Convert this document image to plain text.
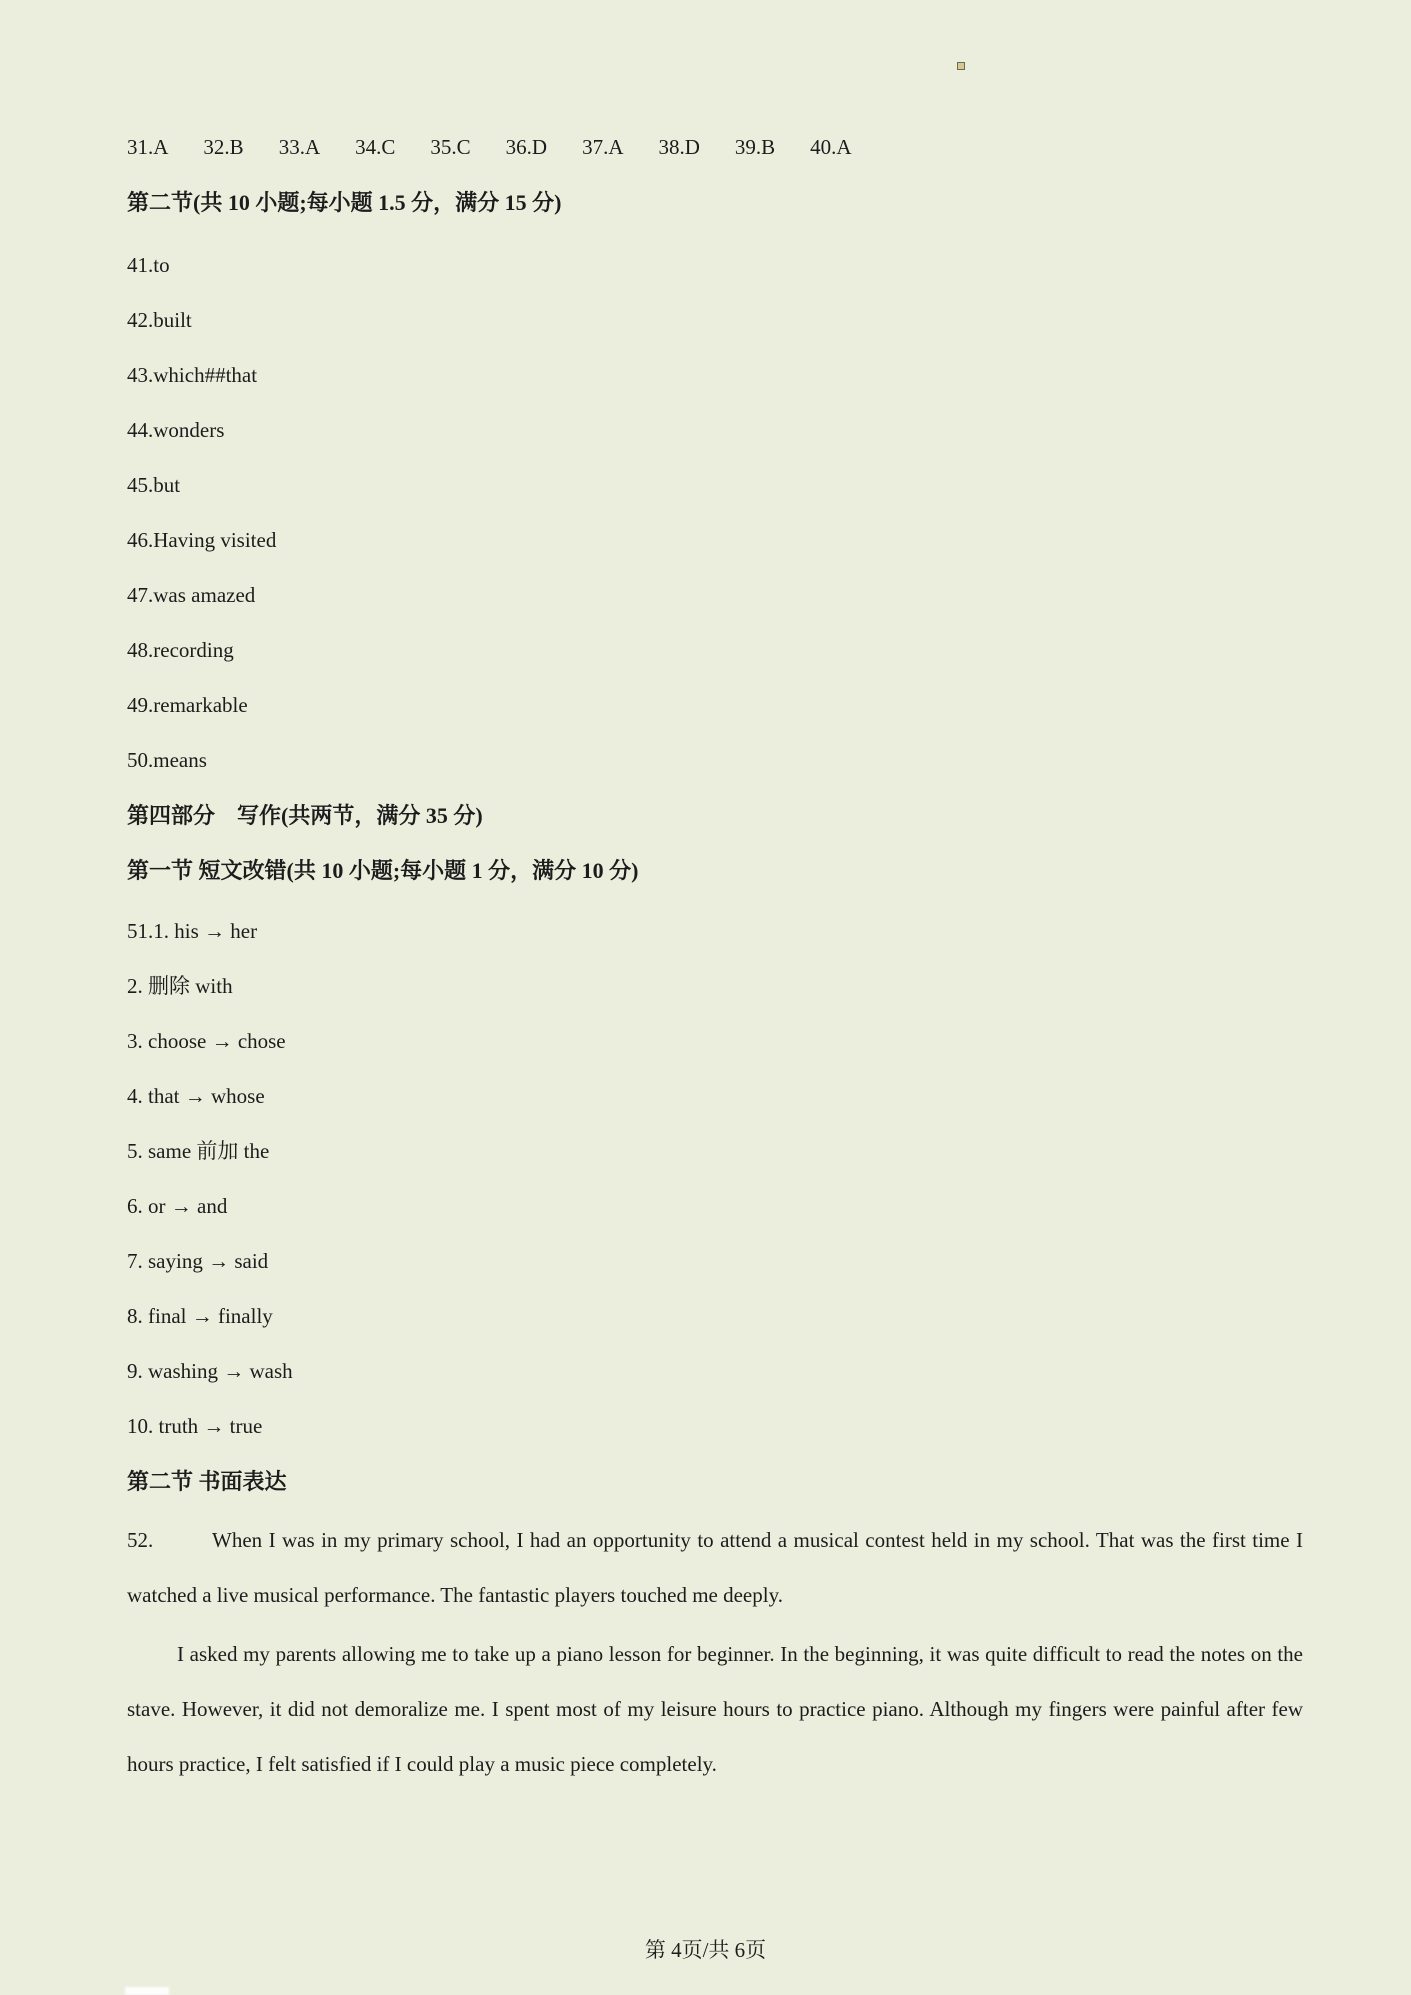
31.A 32.B 33.A 34.C 35.C 36.D 37.A 38.D 39.B 40.A
第二节(共 10 小题;每小题 1.5 分，满分 15 分)
41.to
42.built
43.which##that
44.wonders
45.but
46.Having visited
47.was amazed
48.recording
49.remarkable
50.means
第四部分　写作(共两节，满分 35 分)
第一节 短文改错(共 10 小题;每小题 1 分，满分 10 分)
51.1. his → her
2. 删除 with
3. choose → chose
4. that → whose
5. same 前加 the
6. or → and
7. saying → said
8. final → finally
9. washing → wash
10. truth → true
第二节 书面表达

52.	When I was in my primary school, I had an opportunity to attend a musical contest held in my school. That was the first time I watched a live musical performance. The fantastic players touched me deeply.

I asked my parents allowing me to take up a piano lesson for beginner. In the beginning, it was quite difficult to read the notes on the stave. However, it did not demoralize me. I spent most of my leisure hours to practice piano. Although my fingers were painful after few hours practice, I felt satisfied if I could play a music piece completely.

第 4页/共 6页
